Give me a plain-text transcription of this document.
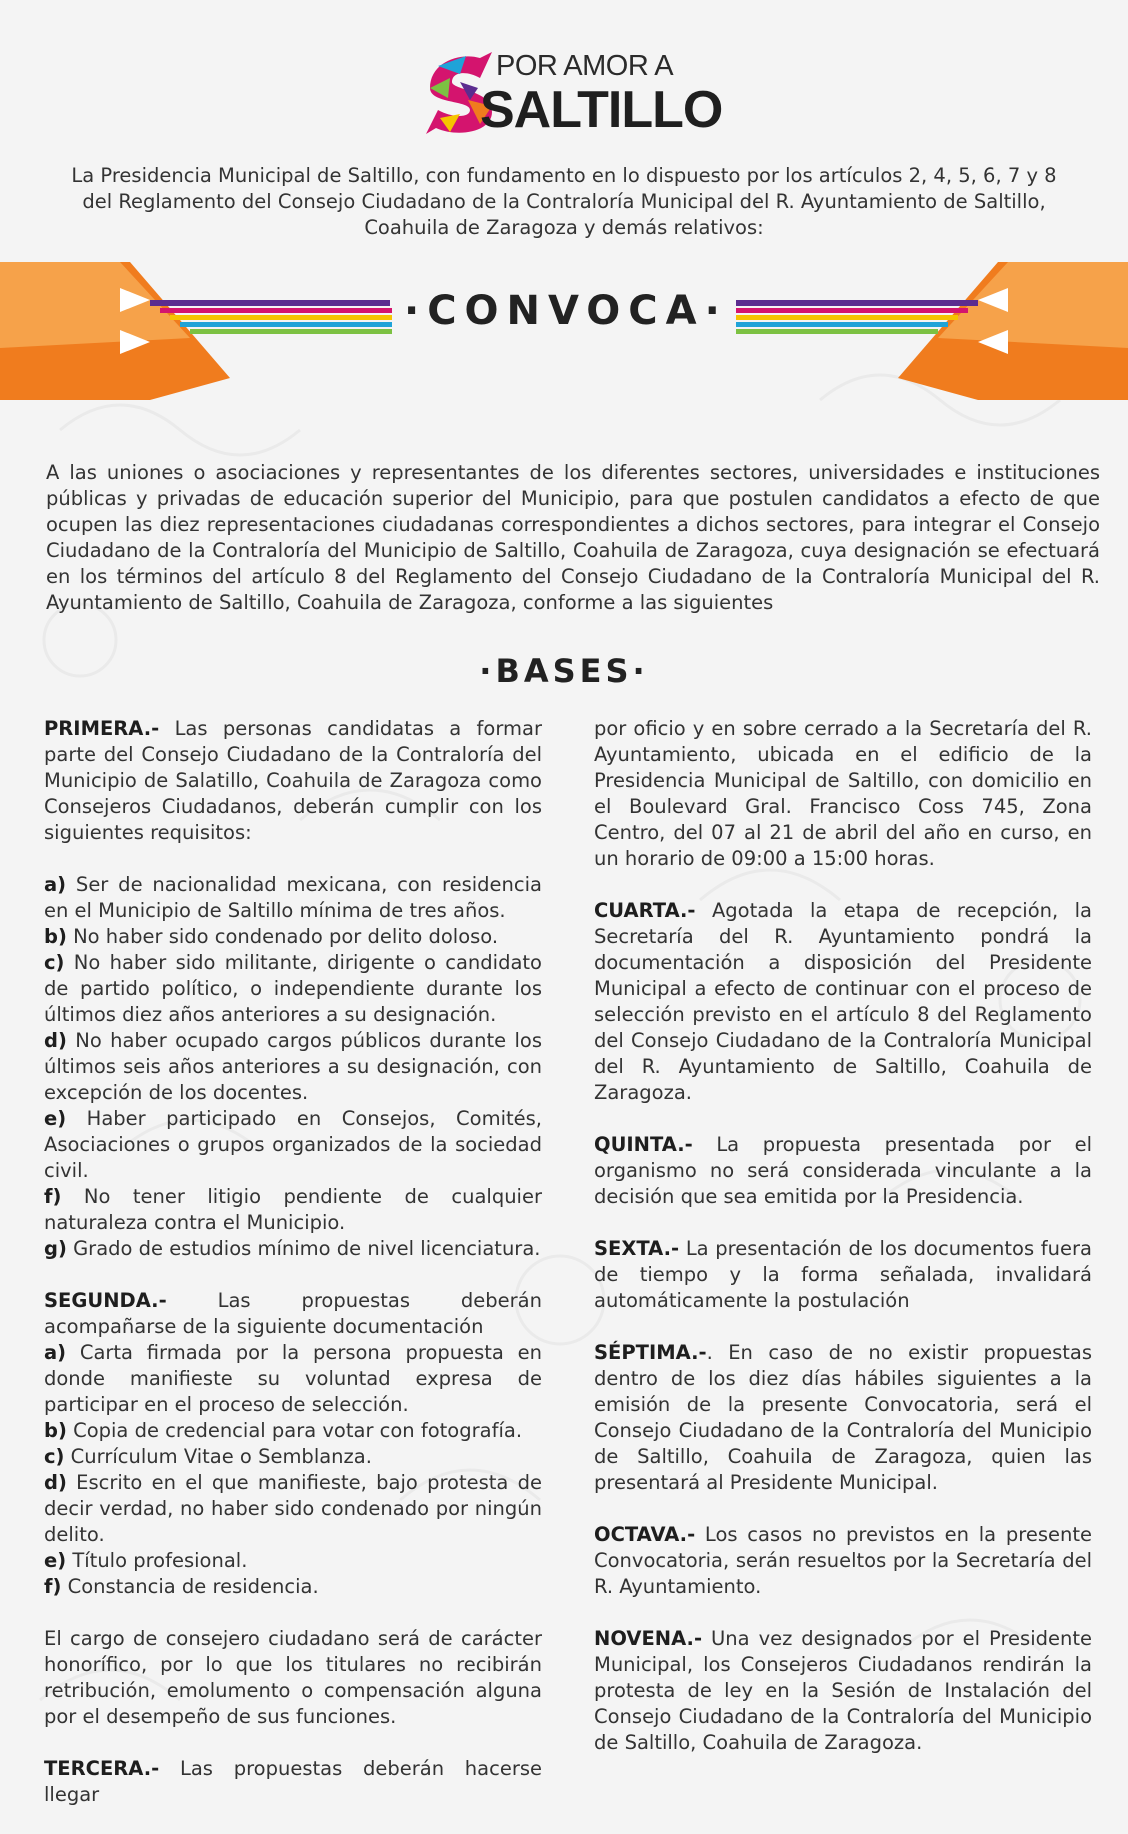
POR AMOR A
SALTILLO
La Presidencia Municipal de Saltillo, con fundamento en lo dispuesto por los artículos 2, 4, 5, 6, 7 y 8 del Reglamento del Consejo Ciudadano de la Contraloría Municipal del R. Ayuntamiento de Saltillo, Coahuila de Zaragoza y demás relativos:
·CONVOCA·
A las uniones o asociaciones y representantes de los diferentes sectores, universidades e instituciones públicas y privadas de educación superior del Municipio, para que postulen candidatos a efecto de que ocupen las diez representaciones ciudadanas correspondientes a dichos sectores, para integrar el Consejo Ciudadano de la Contraloría del Municipio de Saltillo, Coahuila de Zaragoza, cuya designación se efectuará en los términos del artículo 8 del Reglamento del Consejo Ciudadano de la Contraloría Municipal del R. Ayuntamiento de Saltillo, Coahuila de Zaragoza, conforme a las siguientes
·BASES·

PRIMERA.- Las personas candidatas a formar parte del Consejo Ciudadano de la Contraloría del Municipio de Salatillo, Coahuila de Zaragoza como Consejeros Ciudadanos, deberán cumplir con los siguientes requisitos:

a) Ser de nacionalidad mexicana, con residencia en el Municipio de Saltillo mínima de tres años.
b) No haber sido condenado por delito doloso.
c) No haber sido militante, dirigente o candidato de partido político, o independiente durante los últimos diez años anteriores a su designación.
d) No haber ocupado cargos públicos durante los últimos seis años anteriores a su designación, con excepción de los docentes.
e) Haber participado en Consejos, Comités, Asociaciones o grupos organizados de la sociedad civil.
f) No tener litigio pendiente de cualquier naturaleza contra el Municipio.
g) Grado de estudios mínimo de nivel licenciatura.
SEGUNDA.- Las propuestas deberán acompañarse de la siguiente documentación
a) Carta firmada por la persona propuesta en donde manifieste su voluntad expresa de participar en el proceso de selección.
b) Copia de credencial para votar con fotografía.
c) Currículum Vitae o Semblanza.
d) Escrito en el que manifieste, bajo protesta de decir verdad, no haber sido condenado por ningún delito.
e) Título profesional.
f) Constancia de residencia.

El cargo de consejero ciudadano será de carácter honorífico, por lo que los titulares no recibirán retribución, emolumento o compensación alguna por el desempeño de sus funciones.

TERCERA.- Las propuestas deberán hacerse llegar

por oficio y en sobre cerrado a la Secretaría del R. Ayuntamiento, ubicada en el edificio de la Presidencia Municipal de Saltillo, con domicilio en el Boulevard Gral. Francisco Coss 745, Zona Centro, del 07 al 21 de abril del año en curso, en un horario de 09:00 a 15:00 horas.

CUARTA.- Agotada la etapa de recepción, la Secretaría del R. Ayuntamiento pondrá la documentación a disposición del Presidente Municipal a efecto de continuar con el proceso de selección previsto en el artículo 8 del Reglamento del Consejo Ciudadano de la Contraloría Municipal del R. Ayuntamiento de Saltillo, Coahuila de Zaragoza.

QUINTA.- La propuesta presentada por el organismo no será considerada vinculante a la decisión que sea emitida por la Presidencia.

SEXTA.- La presentación de los documentos fuera de tiempo y la forma señalada, invalidará automáticamente la postulación

SÉPTIMA.-. En caso de no existir propuestas dentro de los diez días hábiles siguientes a la emisión de la presente Convocatoria, será el Consejo Ciudadano de la Contraloría del Municipio de Saltillo, Coahuila de Zaragoza, quien las presentará al Presidente Municipal.

OCTAVA.- Los casos no previstos en la presente Convocatoria, serán resueltos por la Secretaría del R. Ayuntamiento.

NOVENA.- Una vez designados por el Presidente Municipal, los Consejeros Ciudadanos rendirán la protesta de ley en la Sesión de Instalación del Consejo Ciudadano de la Contraloría del Municipio de Saltillo, Coahuila de Zaragoza.
